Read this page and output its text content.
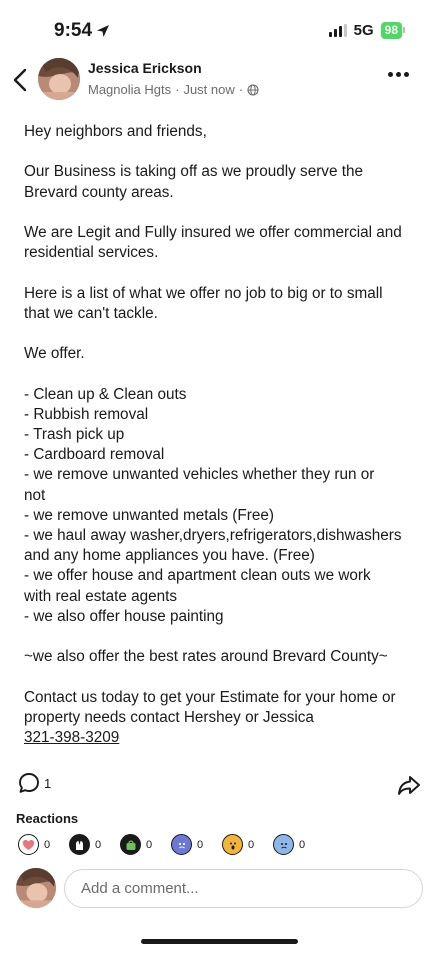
9:54	5G 98
Jessica Erickson
Magnolia Hgts · Just now ·

Hey neighbors and friends,

Our Business is taking off as we proudly serve the
Brevard county areas.

We are Legit and Fully insured we offer commercial and
residential services.

Here is a list of what we offer no job to big or to small
that we can't tackle.

We offer.

- Clean up & Clean outs
- Rubbish removal
- Trash pick up
- Cardboard removal
- we remove unwanted vehicles whether they run or
not
- we remove unwanted metals (Free)
- we haul away washer,dryers,refrigerators,dishwashers
and any home appliances you have. (Free)
- we offer house and apartment clean outs we work
with real estate agents
- we also offer house painting

~we also offer the best rates around Brevard County~

Contact us today to get your Estimate for your home or
property needs contact Hershey or Jessica
321-398-3209

1
Reactions
0	0	0	0	0	0
Add a comment...
